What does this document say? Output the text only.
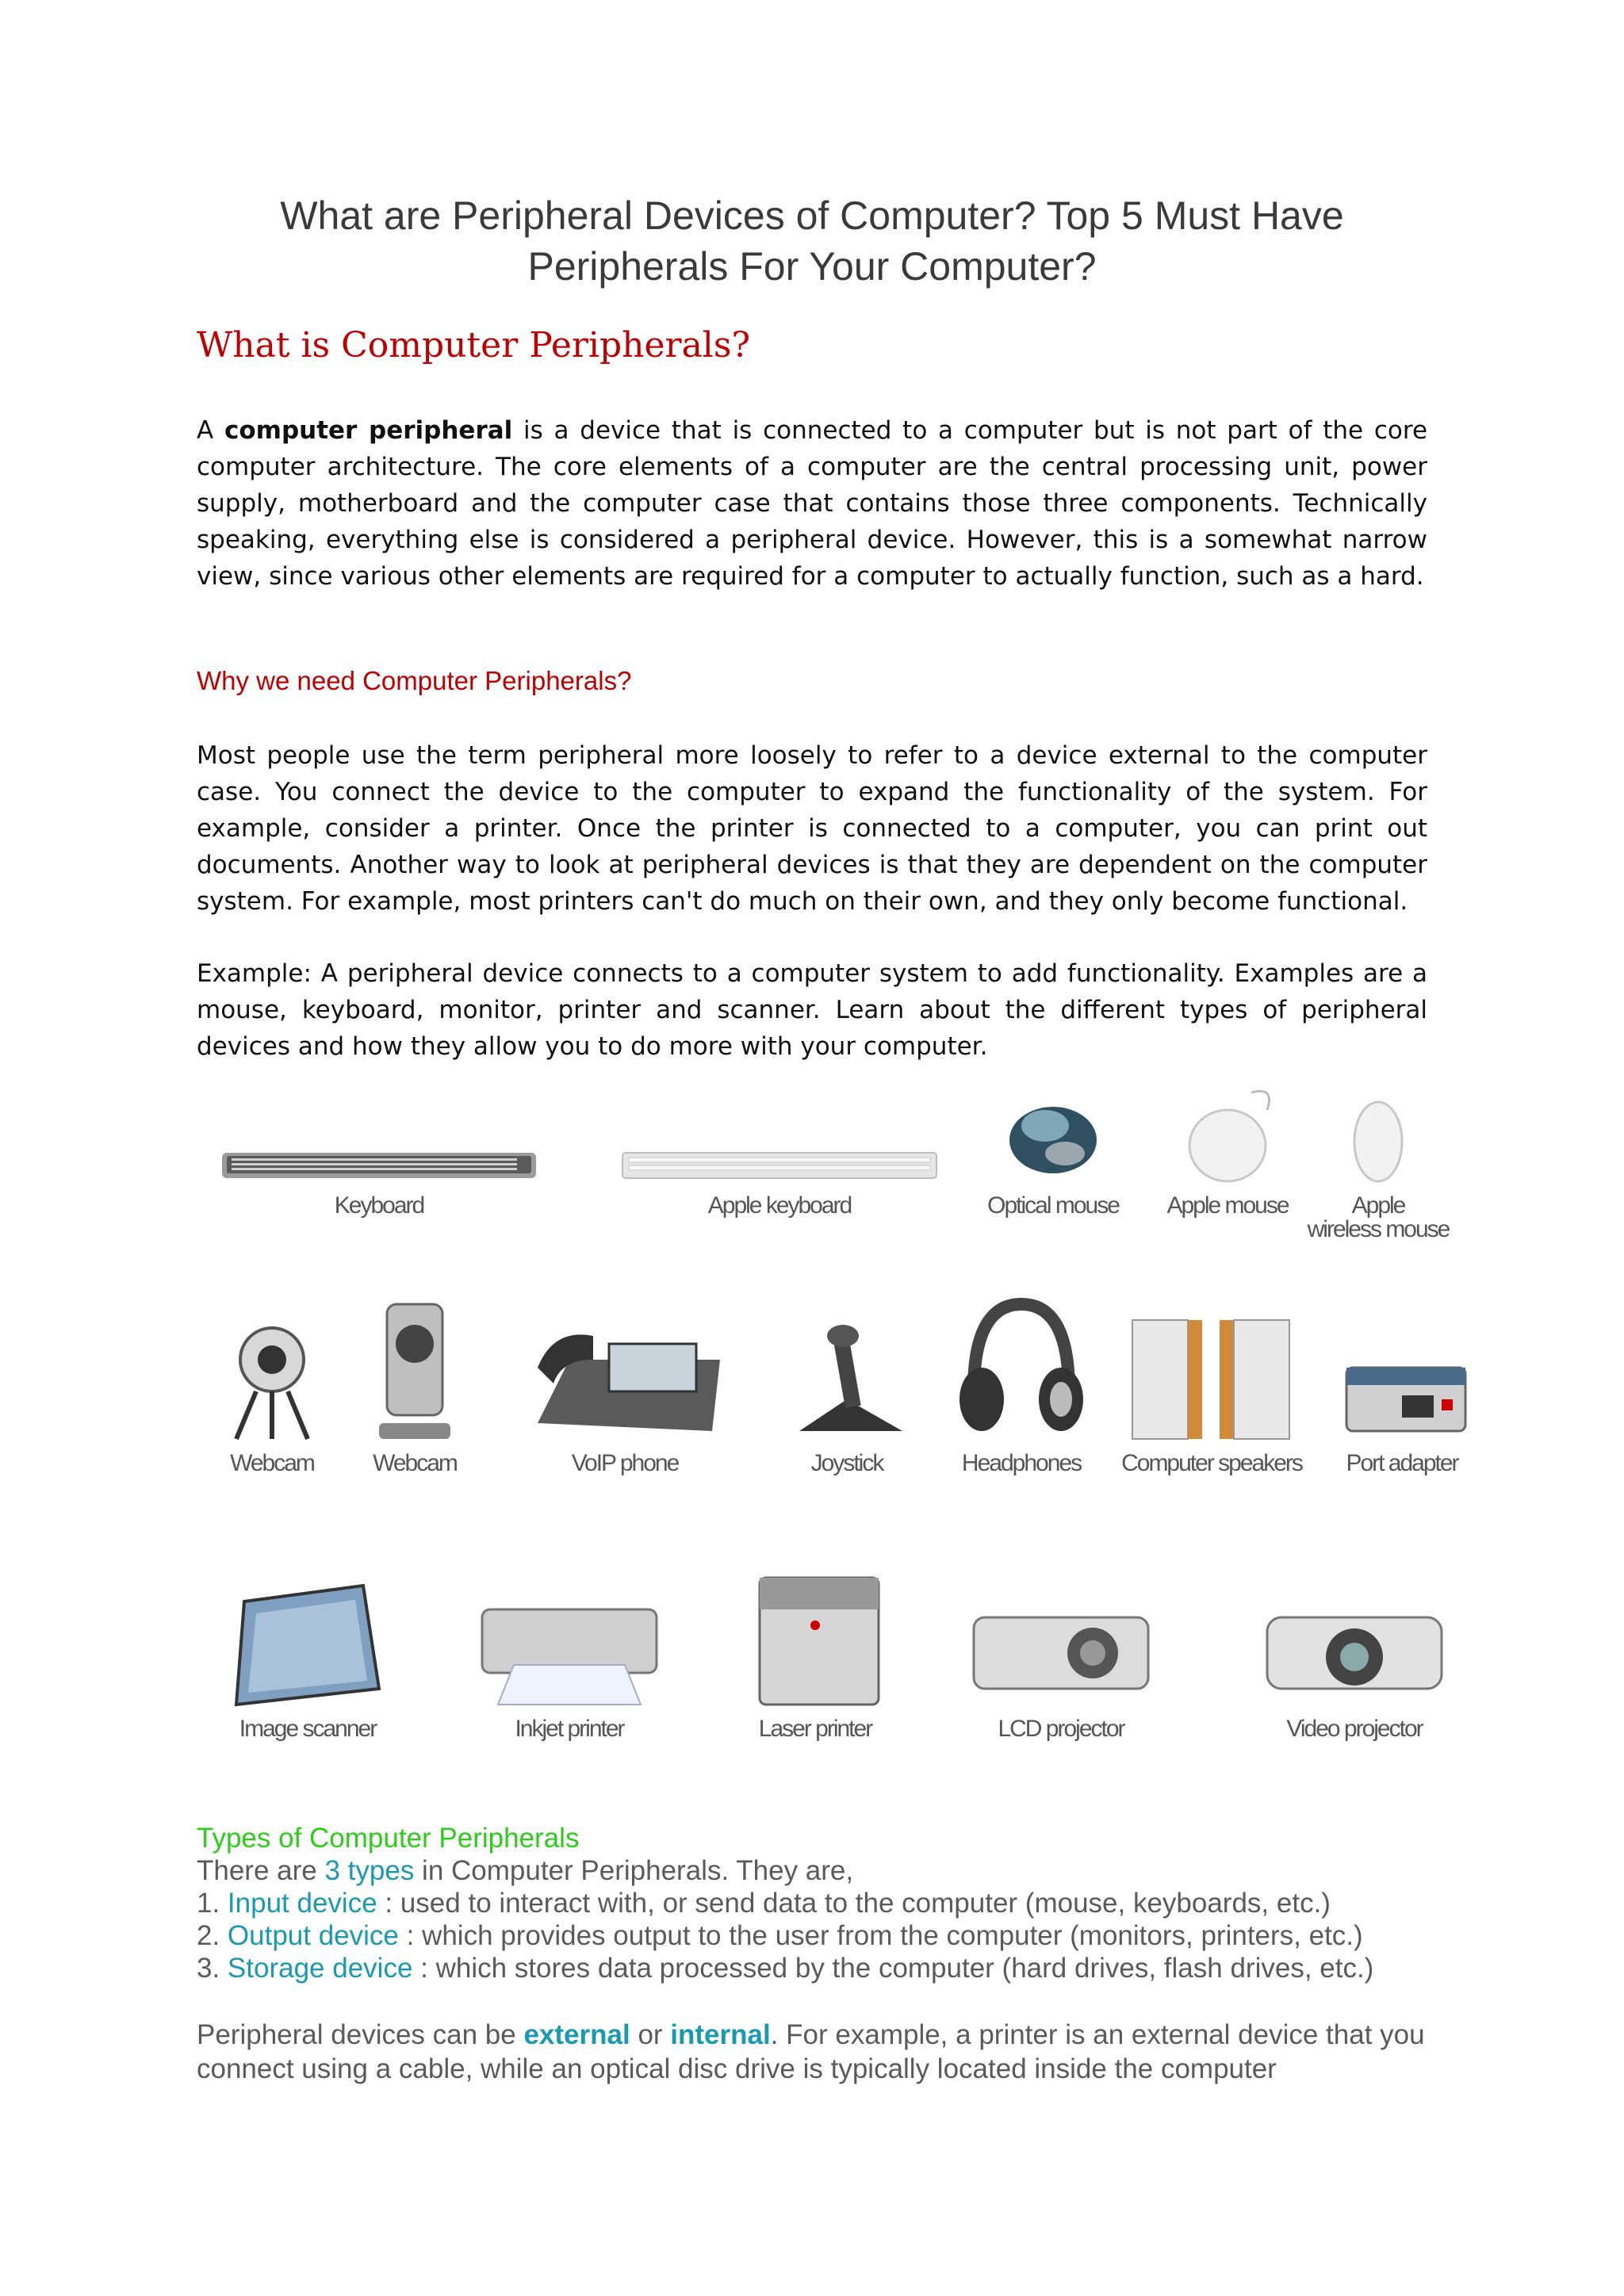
What are Peripheral Devices of Computer? Top 5 Must Have Peripherals For Your Computer?
What is Computer Peripherals?

A computer peripheral is a device that is connected to a computer but is not part of the core computer architecture. The core elements of a computer are the central processing unit, power supply, motherboard and the computer case that contains those three components. Technically speaking, everything else is considered a peripheral device. However, this is a somewhat narrow view, since various other elements are required for a computer to actually function, such as a hard.

Why we need Computer Peripherals?

Most people use the term peripheral more loosely to refer to a device external to the computer case. You connect the device to the computer to expand the functionality of the system. For example, consider a printer. Once the printer is connected to a computer, you can print out documents. Another way to look at peripheral devices is that they are dependent on the computer system. For example, most printers can't do much on their own, and they only become functional.

Example: A peripheral device connects to a computer system to add functionality. Examples are a mouse, keyboard, monitor, printer and scanner. Learn about the different types of peripheral devices and how they allow you to do more with your computer.

Keyboard	Apple keyboard	Optical mouse	Apple mouse	Apple
wireless mouse
Webcam	Webcam	VoIP phone	Joystick	Headphones	Computer speakers	Port adapter
Image scanner	Inkjet printer	Laser printer	LCD projector	Video projector
Types of Computer Peripherals
There are 3 types in Computer Peripherals. They are,
1. Input device : used to interact with, or send data to the computer (mouse, keyboards, etc.)
2. Output device : which provides output to the user from the computer (monitors, printers, etc.)
3. Storage device : which stores data processed by the computer (hard drives, flash drives, etc.)

Peripheral devices can be external or internal. For example, a printer is an external device that you connect using a cable, while an optical disc drive is typically located inside the computer
